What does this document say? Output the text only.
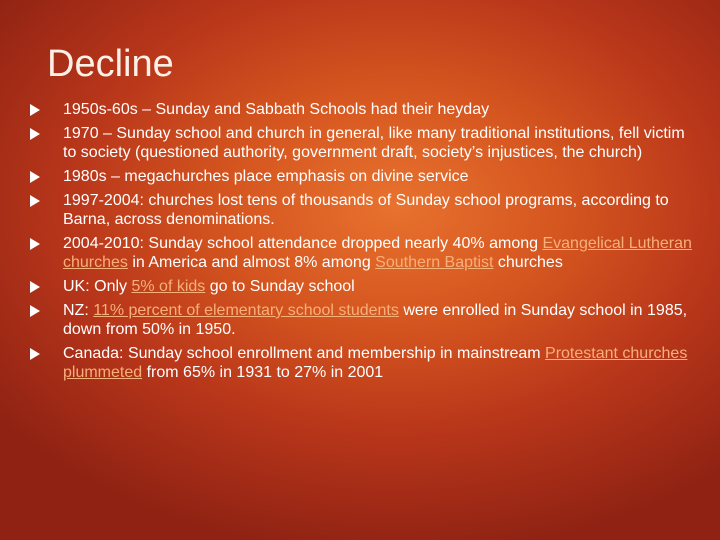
Decline
1950s-60s – Sunday and Sabbath Schools had their heyday
1970 – Sunday school and church in general, like many traditional institutions, fell victim to society (questioned authority, government draft, society’s injustices, the church)
1980s – megachurches place emphasis on divine service
1997-2004: churches lost tens of thousands of Sunday school programs, according to Barna, across denominations.
2004-2010: Sunday school attendance dropped nearly 40% among Evangelical Lutheran churches in America and almost 8% among Southern Baptist churches
UK: Only 5% of kids go to Sunday school
NZ: 11% percent of elementary school students were enrolled in Sunday school in 1985, down from 50% in 1950.
Canada: Sunday school enrollment and membership in mainstream Protestant churches plummeted from 65% in 1931 to 27% in 2001
